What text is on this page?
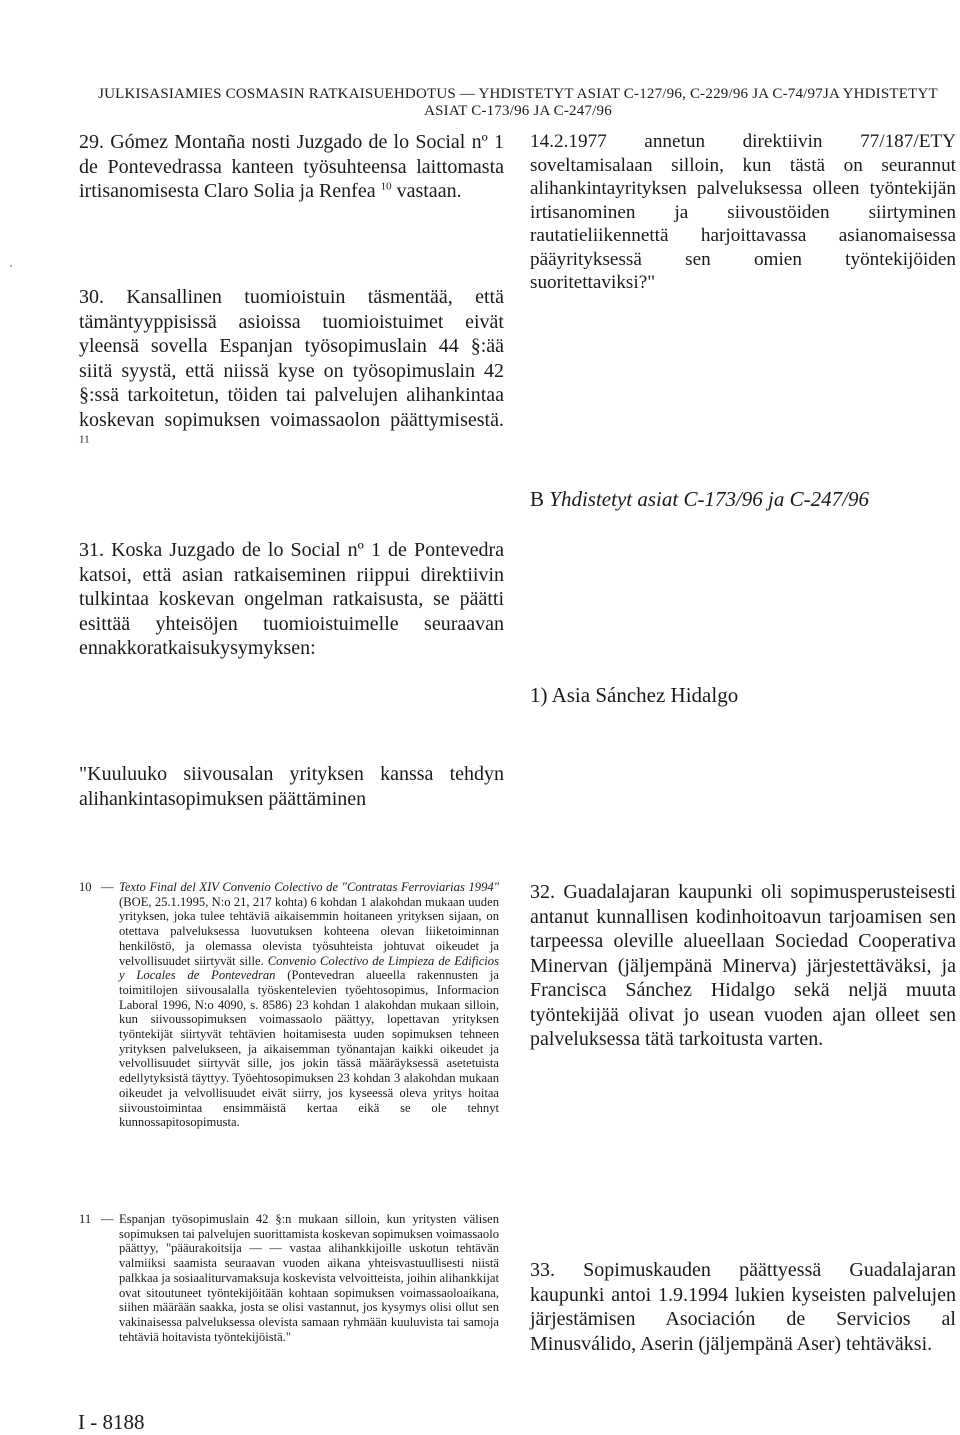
JULKISASIAMIES COSMASIN RATKAISUEHDOTUS — YHDISTETYT ASIAT C-127/96, C-229/96 JA C-74/97JA YHDISTETYT ASIAT C-173/96 JA C-247/96
29. Gómez Montaña nosti Juzgado de lo Social nº 1 de Pontevedrassa kanteen työsuhteensa laittomasta irtisanomisesta Claro Solia ja Renfea $^{10}$ vastaan.
30. Kansallinen tuomioistuin täsmentää, että tämäntyyppisissä asioissa tuomioistuimet eivät yleensä sovella Espanjan työsopimuslain 44 §:ää siitä syystä, että niissä kyse on työsopimuslain 42 §:ssä tarkoitetun, töiden tai palvelujen alihankintaa koskevan sopimuksen voimassaolon päättymisestä. $^{11}$
31. Koska Juzgado de lo Social nº 1 de Pontevedra katsoi, että asian ratkaiseminen riippui direktiivin tulkintaa koskevan ongelman ratkaisusta, se päätti esittää yhteisöjen tuomioistuimelle seuraavan ennakkoratkaisukysymyksen:
"Kuuluuko siivousalan yrityksen kanssa tehdyn alihankintasopimuksen päättäminen
14.2.1977 annetun direktiivin 77/187/ETY soveltamisalaan silloin, kun tästä on seurannut alihankintayrityksen palveluksessa olleen työntekijän irtisanominen ja siivoustöiden siirtyminen rautatieliikennettä harjoittavassa asianomaisessa pääyrityksessä sen omien työntekijöiden suoritettaviksi?"
B Yhdistetyt asiat C-173/96 ja C-247/96
1) Asia Sánchez Hidalgo
10 — Texto Final del XIV Convenio Colectivo de "Contratas Ferroviarias 1994" (BOE, 25.1.1995, N:o 21, 217 kohta) 6 kohdan 1 alakohdan mukaan uuden yrityksen, joka tulee tehtäviä aikaisemmin hoitaneen yrityksen sijaan, on otettava palveluksessa luovutuksen kohteena olevan liiketoiminnan henkilöstö, ja olemassa olevista työsuhteista johtuvat oikeudet ja velvollisuudet siirtyvät sille. Convenio Colectivo de Limpieza de Edificios y Locales de Pontevedran (Pontevedran alueella rakennusten ja toimitilojen siivousalalla työskentelevien työehtosopimus, Informacion Laboral 1996, N:o 4090, s. 8586) 23 kohdan 1 alakohdan mukaan silloin, kun siivoussopimuksen voimassaolo päättyy, lopettavan yrityksen työntekijät siirtyvät tehtävien hoitamisesta uuden sopimuksen tehneen yrityksen palvelukseen, ja aikaisemman työnantajan kaikki oikeudet ja velvollisuudet siirtyvät sille, jos jokin tässä määräyksessä asetetuista edellytyksistä täyttyy. Työehtosopimuksen 23 kohdan 3 alakohdan mukaan oikeudet ja velvollisuudet eivät siirry, jos kyseessä oleva yritys hoitaa siivoustoimintaa ensimmäistä kertaa eikä se ole tehnyt kunnossapitosopimusta.
11 — Espanjan työsopimuslain 42 §:n mukaan silloin, kun yritysten välisen sopimuksen tai palvelujen suorittamista koskevan sopimuksen voimassaolo päättyy, "pääurakoitsija — — vastaa alihankkijoille uskotun tehtävän valmiiksi saamista seuraavan vuoden aikana yhteisvastuullisesti niistä palkkaa ja sosiaaliturvamaksuja koskevista velvoitteista, joihin alihankkijat ovat sitoutuneet työntekijöitään kohtaan sopimuksen voimassaoloaikana, siihen määrään saakka, josta se olisi vastannut, jos kysymys olisi ollut sen vakinaisessa palveluksessa olevista samaan ryhmään kuuluvista tai samoja tehtäviä hoitavista työntekijöistä."
32. Guadalajaran kaupunki oli sopimusperusteisesti antanut kunnallisen kodinhoitoavun tarjoamisen sen tarpeessa oleville alueellaan Sociedad Cooperativa Minervan (jäljempänä Minerva) järjestettäväksi, ja Francisca Sánchez Hidalgo sekä neljä muuta työntekijää olivat jo usean vuoden ajan olleet sen palveluksessa tätä tarkoitusta varten.
33. Sopimuskauden päättyessä Guadalajaran kaupunki antoi 1.9.1994 lukien kyseisten palvelujen järjestämisen Asociación de Servicios al Minusválido, Aserin (jäljempänä Aser) tehtäväksi.
I - 8188
ʹ
